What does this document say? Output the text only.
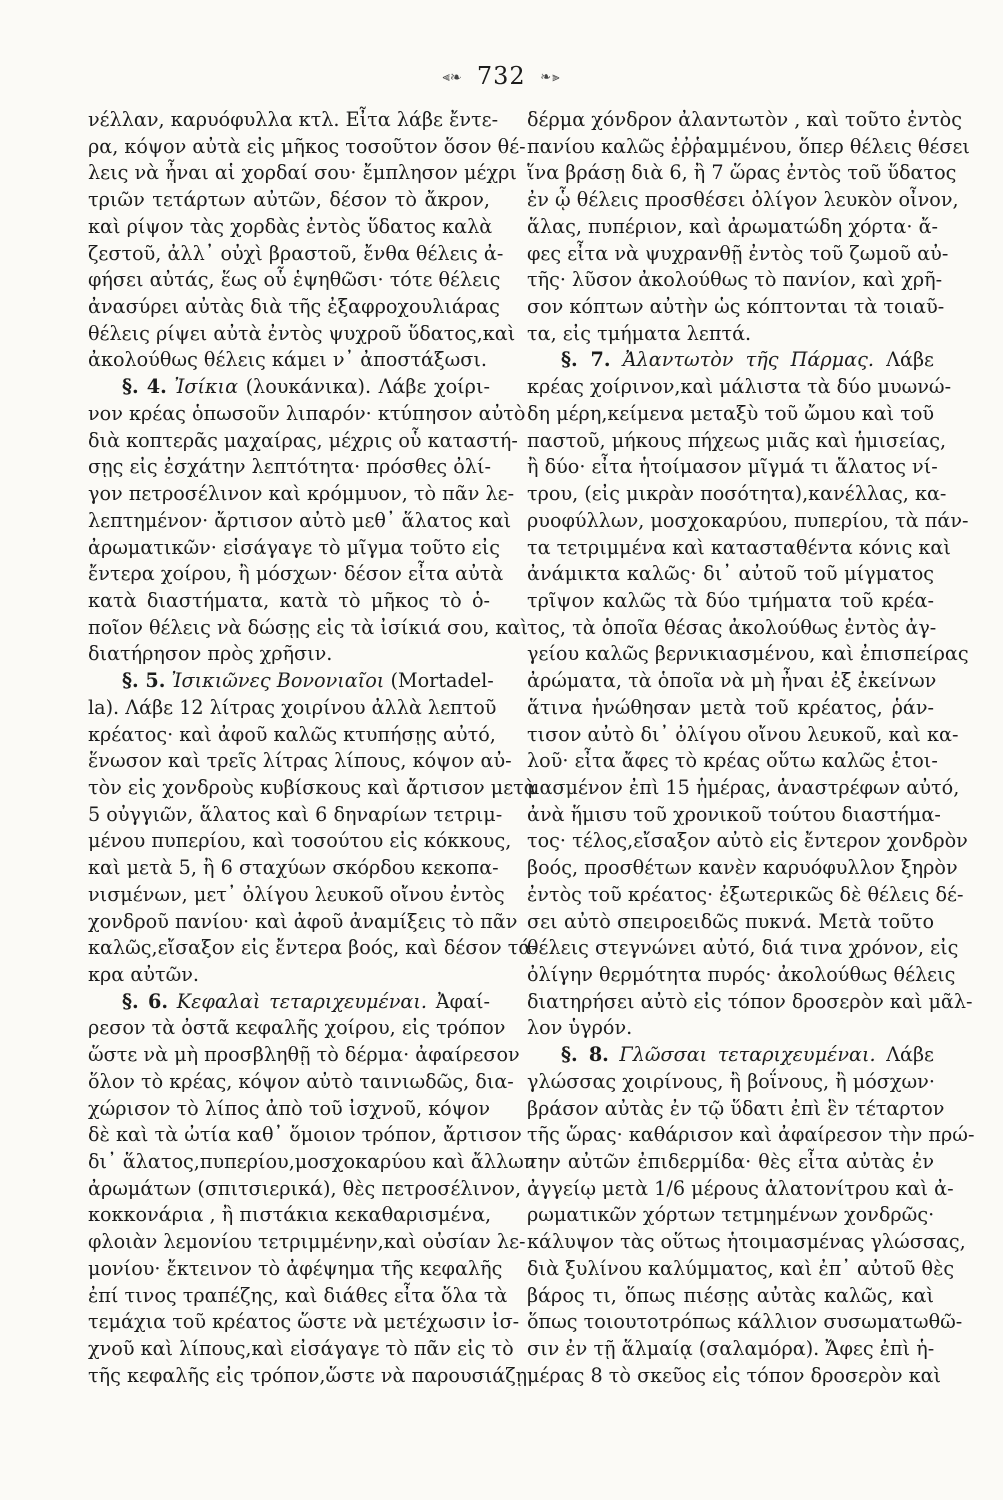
⫷❧ 732 ❧⫸
νέλλαν, καρυόφυλλα κτλ. Εἶτα λάβε ἔντε-
ρα, κόψον αὐτὰ εἰς μῆκος τοσοῦτον ὅσον θέ-
λεις νὰ ἦναι αἱ χορδαί σου· ἔμπλησον μέχρι
τριῶν τετάρτων αὐτῶν, δέσον τὸ ἄκρον,
καὶ ρίψον τὰς χορδὰς ἐντὸς ὕδατος καλὰ
ζεστοῦ, ἀλλ᾽ οὐχὶ βραστοῦ, ἔνθα θέλεις ἀ-
φήσει αὐτάς, ἕως οὗ ἑψηθῶσι· τότε θέλεις
ἀνασύρει αὐτὰς διὰ τῆς ἐξαφροχουλιάρας
θέλεις ρίψει αὐτὰ ἐντὸς ψυχροῦ ὕδατος,καὶ
ἀκολούθως θέλεις κάμει ν᾽ ἀποστάξωσι.
§. 4. Ἰσίκια (λουκάνικα). Λάβε χοίρι-
νον κρέας ὁπωσοῦν λιπαρόν· κτύπησον αὐτὸ
διὰ κοπτερᾶς μαχαίρας, μέχρις οὗ καταστή-
σῃς εἰς ἐσχάτην λεπτότητα· πρόσθες ὀλί-
γον πετροσέλινον καὶ κρόμμυον, τὸ πᾶν λε-
λεπτημένον· ἄρτισον αὐτὸ μεθ᾽ ἅλατος καὶ
ἀρωματικῶν· εἰσάγαγε τὸ μῖγμα τοῦτο εἰς
ἔντερα χοίρου, ἢ μόσχων· δέσον εἶτα αὐτὰ
κατὰ διαστήματα, κατὰ τὸ μῆκος τὸ ὁ-
ποῖον θέλεις νὰ δώσῃς εἰς τὰ ἰσίκιά σου, καὶ
διατήρησον πρὸς χρῆσιν.
§. 5. Ἰσικιῶνες Βονονιαῖοι (Mortadel-
la). Λάβε 12 λίτρας χοιρίνου ἀλλὰ λεπτοῦ
κρέατος· καὶ ἀφοῦ καλῶς κτυπήσῃς αὐτό,
ἕνωσον καὶ τρεῖς λίτρας λίπους, κόψον αὐ-
τὸν εἰς χονδροὺς κυβίσκους καὶ ἄρτισον μετὰ
5 οὐγγιῶν, ἅλατος καὶ 6 δηναρίων τετριμ-
μένου πυπερίου, καὶ τοσούτου εἰς κόκκους,
καὶ μετὰ 5, ἢ 6 σταχύων σκόρδου κεκοπα-
νισμένων, μετ᾽ ὀλίγου λευκοῦ οἴνου ἐντὸς
χονδροῦ πανίου· καὶ ἀφοῦ ἀναμίξεις τὸ πᾶν
καλῶς,εἴσαξον εἰς ἔντερα βοός, καὶ δέσον τά-
κρα αὐτῶν.
§. 6. Κεφαλαὶ τεταριχευμέναι. Ἀφαί-
ρεσον τὰ ὀστᾶ κεφαλῆς χοίρου, εἰς τρόπον
ὥστε νὰ μὴ προσβληθῇ τὸ δέρμα· ἀφαίρεσον
ὅλον τὸ κρέας, κόψον αὐτὸ ταινιωδῶς, δια-
χώρισον τὸ λίπος ἀπὸ τοῦ ἰσχνοῦ, κόψον
δὲ καὶ τὰ ὠτία καθ᾽ ὅμοιον τρόπον, ἄρτισον
δι᾽ ἅλατος,πυπερίου,μοσχοκαρύου καὶ ἄλλων
ἀρωμάτων (σπιτσιερικά), θὲς πετροσέλινον,
κοκκονάρια , ἢ πιστάκια κεκαθαρισμένα,
φλοιὰν λεμονίου τετριμμένην,καὶ οὐσίαν λε-
μονίου· ἔκτεινον τὸ ἀφέψημα τῆς κεφαλῆς
ἐπί τινος τραπέζης, καὶ διάθες εἶτα ὅλα τὰ
τεμάχια τοῦ κρέατος ὥστε νὰ μετέχωσιν ἰσ-
χνοῦ καὶ λίπους,καὶ εἰσάγαγε τὸ πᾶν εἰς τὸ
τῆς κεφαλῆς εἰς τρόπον,ὥστε νὰ παρουσιάζῃ
δέρμα χόνδρον ἀλαντωτὸν , καὶ τοῦτο ἐντὸς
πανίου καλῶς ἐῤῥαμμένου, ὅπερ θέλεις θέσει
ἵνα βράσῃ διὰ 6, ἢ 7 ὥρας ἐντὸς τοῦ ὕδατος
ἐν ᾧ θέλεις προσθέσει ὀλίγον λευκὸν οἶνον,
ἅλας, πυπέριον, καὶ ἀρωματώδη χόρτα· ἄ-
φες εἶτα νὰ ψυχρανθῇ ἐντὸς τοῦ ζωμοῦ αὐ-
τῆς· λῦσον ἀκολούθως τὸ πανίον, καὶ χρῆ-
σον κόπτων αὐτὴν ὡς κόπτονται τὰ τοιαῦ-
τα, εἰς τμήματα λεπτά.
§. 7. Ἀλαντωτὸν τῆς Πάρμας. Λάβε
κρέας χοίρινον,καὶ μάλιστα τὰ δύο μυωνώ-
δη μέρη,κείμενα μεταξὺ τοῦ ὤμου καὶ τοῦ
παστοῦ, μήκους πήχεως μιᾶς καὶ ἡμισείας,
ἢ δύο· εἶτα ἡτοίμασον μῖγμά τι ἅλατος νί-
τρου, (εἰς μικρὰν ποσότητα),κανέλλας, κα-
ρυοφύλλων, μοσχοκαρύου, πυπερίου, τὰ πάν-
τα τετριμμένα καὶ κατασταθέντα κόνις καὶ
ἀνάμικτα καλῶς· δι᾽ αὐτοῦ τοῦ μίγματος
τρῖψον καλῶς τὰ δύο τμήματα τοῦ κρέα-
τος, τὰ ὁποῖα θέσας ἀκολούθως ἐντὸς ἀγ-
γείου καλῶς βερνικιασμένου, καὶ ἐπισπείρας
ἀρώματα, τὰ ὁποῖα νὰ μὴ ἦναι ἐξ ἐκείνων
ἅτινα ἡνώθησαν μετὰ τοῦ κρέατος, ῥάν-
τισον αὐτὸ δι᾽ ὀλίγου οἴνου λευκοῦ, καὶ κα-
λοῦ· εἶτα ἄφες τὸ κρέας οὕτω καλῶς ἑτοι-
μασμένον ἐπὶ 15 ἡμέρας, ἀναστρέφων αὐτό,
ἀνὰ ἥμισυ τοῦ χρονικοῦ τούτου διαστήμα-
τος· τέλος,εἴσαξον αὐτὸ εἰς ἔντερον χονδρὸν
βοός, προσθέτων κανὲν καρυόφυλλον ξηρὸν
ἐντὸς τοῦ κρέατος· ἐξωτερικῶς δὲ θέλεις δέ-
σει αὐτὸ σπειροειδῶς πυκνά. Μετὰ τοῦτο
θέλεις στεγνώνει αὐτό, διά τινα χρόνον, εἰς
ὀλίγην θερμότητα πυρός· ἀκολούθως θέλεις
διατηρήσει αὐτὸ εἰς τόπον δροσερὸν καὶ μᾶλ-
λον ὑγρόν.
§. 8. Γλῶσσαι τεταριχευμέναι. Λάβε
γλώσσας χοιρίνους, ἢ βοΐνους, ἢ μόσχων·
βράσον αὐτὰς ἐν τῷ ὕδατι ἐπὶ ἓν τέταρτον
τῆς ὥρας· καθάρισον καὶ ἀφαίρεσον τὴν πρώ-
την αὐτῶν ἐπιδερμίδα· θὲς εἶτα αὐτὰς ἐν
ἀγγείῳ μετὰ 1/6 μέρους ἁλατονίτρου καὶ ἀ-
ρωματικῶν χόρτων τετμημένων χονδρῶς·
κάλυψον τὰς οὕτως ἡτοιμασμένας γλώσσας,
διὰ ξυλίνου καλύμματος, καὶ ἐπ᾽ αὐτοῦ θὲς
βάρος τι, ὅπως πιέσῃς αὐτὰς καλῶς, καὶ
ὅπως τοιουτοτρόπως κάλλιον συσωματωθῶ-
σιν ἐν τῇ ἅλμαίᾳ (σαλαμόρα). Ἄφες ἐπὶ ἡ-
μέρας 8 τὸ σκεῦος εἰς τόπον δροσερὸν καὶ
